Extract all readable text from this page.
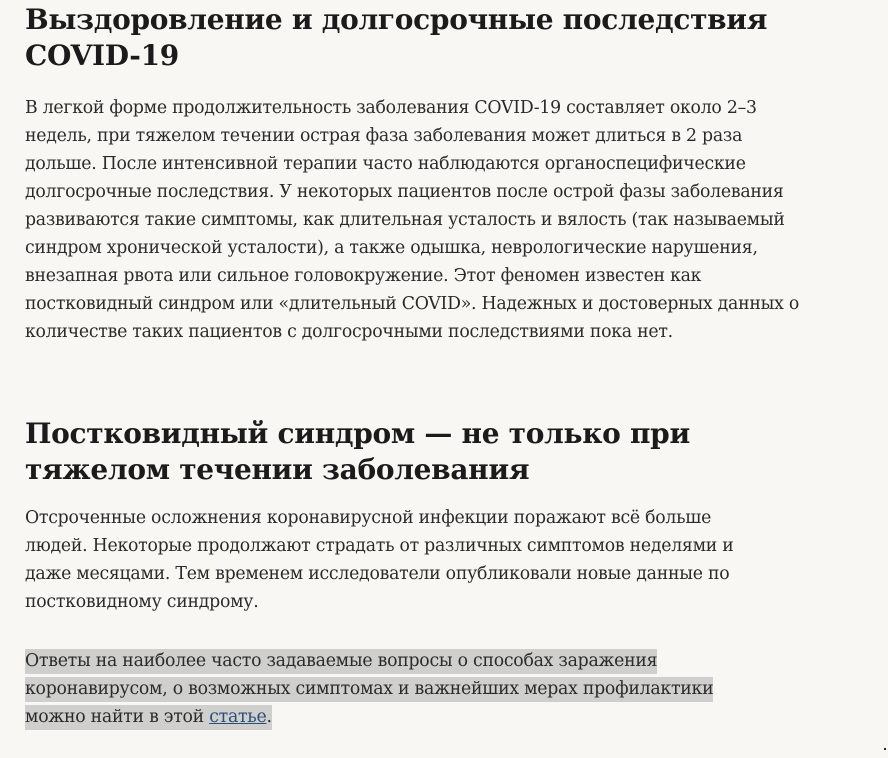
Выздоровление и долгосрочные последствия COVID-19

В легкой форме продолжительность заболевания COVID-19 составляет около 2–3 недель, при тяжелом течении острая фаза заболевания может длиться в 2 раза дольше. После интенсивной терапии часто наблюдаются органоспецифические долгосрочные последствия. У некоторых пациентов после острой фазы заболевания развиваются такие симптомы, как длительная усталость и вялость (так называемый синдром хронической усталости), а также одышка, неврологические нарушения, внезапная рвота или сильное головокружение. Этот феномен известен как постковидный синдром или «длительный COVID». Надежных и достоверных данных о количестве таких пациентов с долгосрочными последствиями пока нет.

Постковидный синдром — не только при тяжелом течении заболевания

Отсроченные осложнения коронавирусной инфекции поражают всё больше людей. Некоторые продолжают страдать от различных симптомов неделями и даже месяцами. Тем временем исследователи опубликовали новые данные по постковидному синдрому.

Ответы на наиболее часто задаваемые вопросы о способах заражения коронавирусом, о возможных симптомах и важнейших мерах профилактики можно найти в этой статье.
